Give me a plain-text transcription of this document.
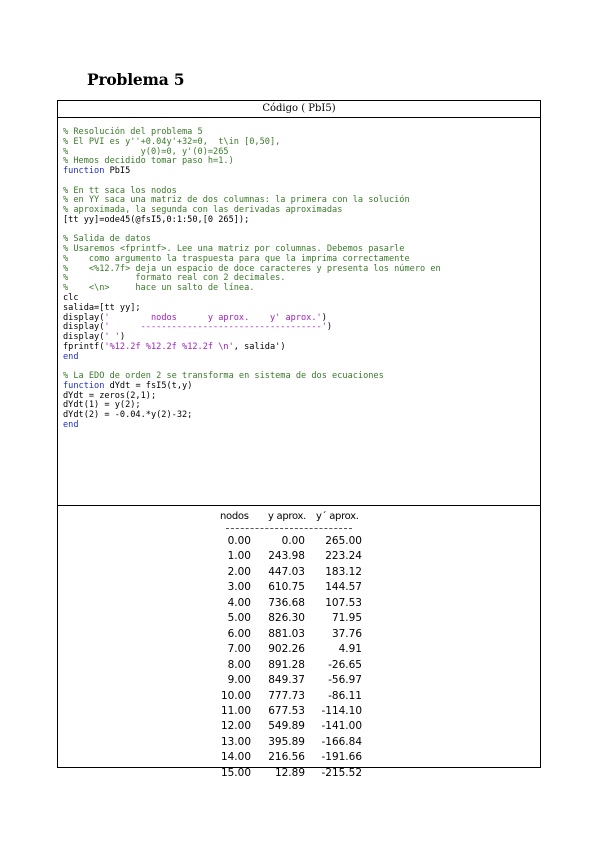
Problema 5
Código ( PbI5)
% Resolución del problema 5
% El PVI es y''+0.04y'+32=0,  t\in [0,50],
%              y(0)=0, y'(0)=265
% Hemos decidido tomar paso h=1.)
function PbI5

% En tt saca los nodos
% en YY saca una matriz de dos columnas: la primera con la solución
% aproximada, la segunda con las derivadas aproximadas
[tt yy]=ode45(@fsI5,0:1:50,[0 265]);

% Salida de datos
% Usaremos <fprintf>. Lee una matriz por columnas. Debemos pasarle
%    como argumento la traspuesta para que la imprima correctamente
%    <%12.7f> deja un espacio de doce caracteres y presenta los número en
%             formato real con 2 decimales.
%    <\n>     hace un salto de línea.
clc
salida=[tt yy];
display('        nodos      y aprox.    y' aprox.')
display('      -----------------------------------')
display(' ')
fprintf('%12.2f %12.2f %12.2f \n', salida')
end

% La EDO de orden 2 se transforma en sistema de dos ecuaciones
function dYdt = fsI5(t,y)
dYdt = zeros(2,1);
dYdt(1) = y(2);
dYdt(2) = -0.04.*y(2)-32;
end
nodos y aprox. y´ aprox.
0.00	0.00	265.00
1.00	243.98	223.24
2.00	447.03	183.12
3.00	610.75	144.57
4.00	736.68	107.53
5.00	826.30	71.95
6.00	881.03	37.76
7.00	902.26	4.91
8.00	891.28	-26.65
9.00	849.37	-56.97
10.00	777.73	-86.11
11.00	677.53	-114.10
12.00	549.89	-141.00
13.00	395.89	-166.84
14.00	216.56	-191.66
15.00	12.89	-215.52
